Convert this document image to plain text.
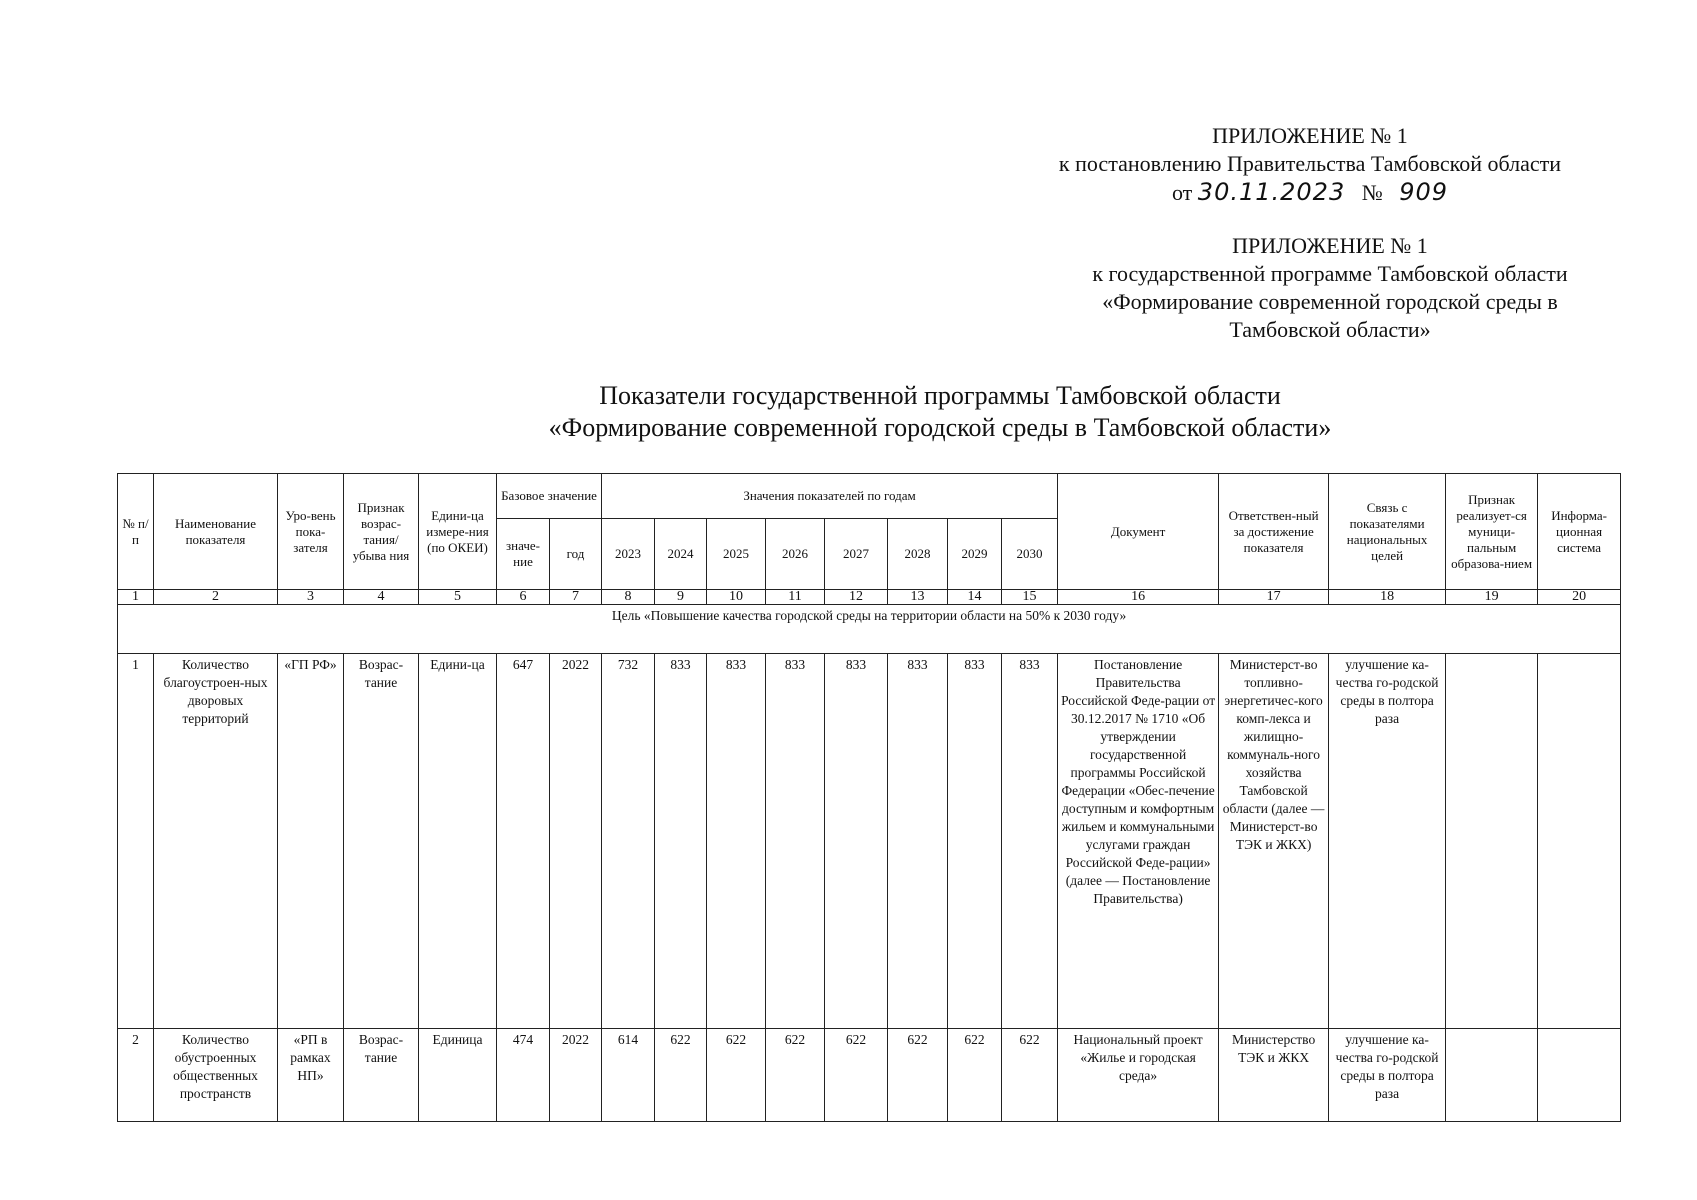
ПРИЛОЖЕНИЕ № 1
к постановлению Правительства Тамбовской области
от 30.11.2023 № 909
ПРИЛОЖЕНИЕ № 1
к государственной программе Тамбовской области
«Формирование современной городской среды в
Тамбовской области»
Показатели государственной программы Тамбовской области
«Формирование современной городской среды в Тамбовской области»
№ п/п	Наименование показателя	Уро-вень пока-зателя	Признак возрас-тания/ убыва ния	Едини-ца измере-ния (по ОКЕИ)	Базовое значение		Значения показателей по годам								Документ	Ответствен-ный за достижение показателя	Связь с показателями национальных целей	Признак реализует-ся муници-пальным образова-нием	Информа-ционная система
					значе-ние	год	2023	2024	2025	2026	2027	2028	2029	2030					
1	2	3	4	5	6	7	8	9	10	11	12	13	14	15	16	17	18	19	20
Цель «Повышение качества городской среды на территории области на 50% к 2030 году»																			
1	Количество благоустроен-ных дворовых территорий	«ГП РФ»	Возрас-тание	Едини-ца	647	2022	732	833	833	833	833	833	833	833	Постановление Правительства Российской Феде-рации от 30.12.2017 № 1710 «Об утверждении государственной программы Российской Федерации «Обес-печение доступным и комфортным жильем и коммунальными услугами граждан Российской Феде-рации» (далее — Постановление Правительства)	Министерст-во топливно-энергетичес-кого комп-лекса и жилищно-коммуналь-ного хозяйства Тамбовской области (далее — Министерст-во ТЭК и ЖКХ)	улучшение ка-чества го-родской среды в полтора раза		
2	Количество обустроенных общественных пространств	«РП в рамках НП»	Возрас-тание	Единица	474	2022	614	622	622	622	622	622	622	622	Национальный проект «Жилье и городская среда»	Министерство ТЭК и ЖКХ	улучшение ка-чества го-родской среды в полтора раза		
